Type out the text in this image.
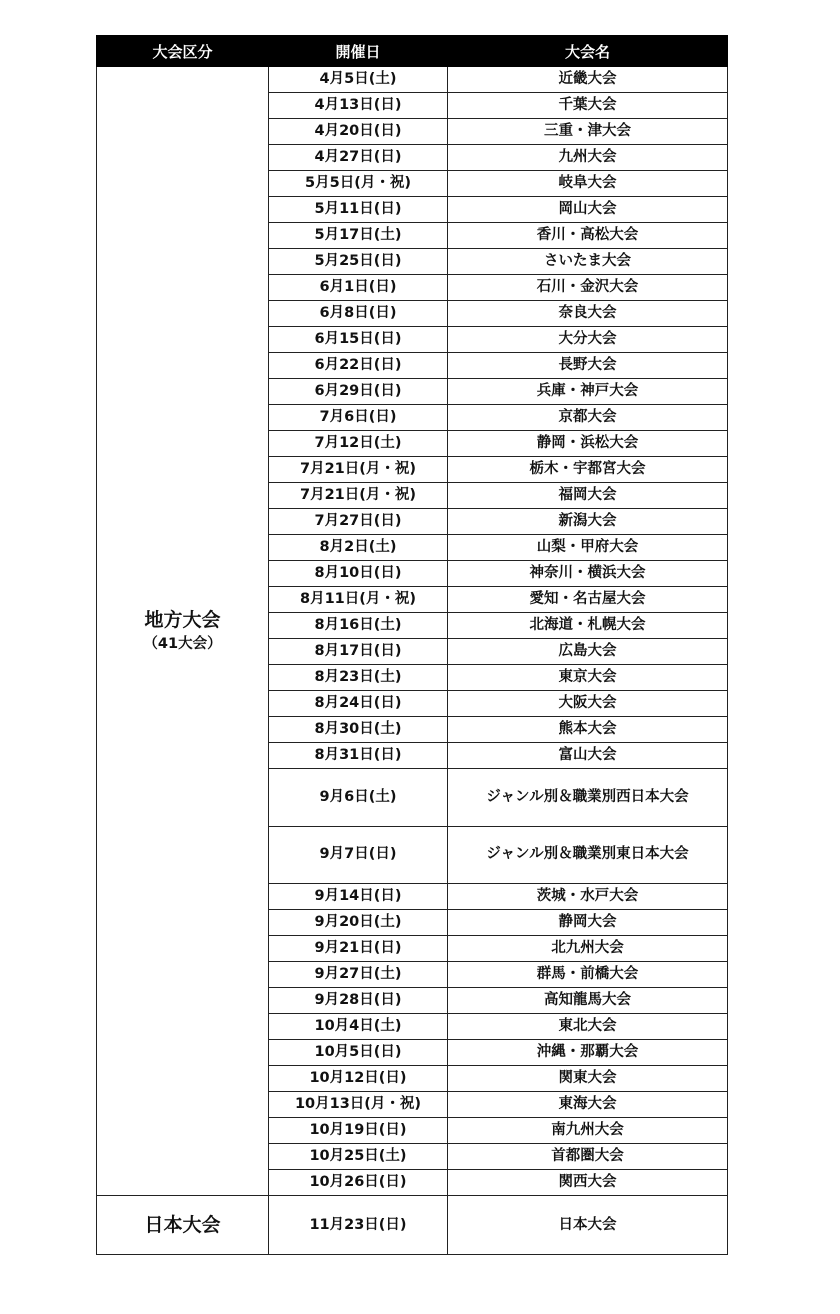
大会区分	開催日	大会名
地方大会
（41大会）	4月5日(土)	近畿大会
	4月13日(日)	千葉大会
	4月20日(日)	三重・津大会
	4月27日(日)	九州大会
	5月5日(月・祝)	岐阜大会
	5月11日(日)	岡山大会
	5月17日(土)	香川・高松大会
	5月25日(日)	さいたま大会
	6月1日(日)	石川・金沢大会
	6月8日(日)	奈良大会
	6月15日(日)	大分大会
	6月22日(日)	長野大会
	6月29日(日)	兵庫・神戸大会
	7月6日(日)	京都大会
	7月12日(土)	静岡・浜松大会
	7月21日(月・祝)	栃木・宇都宮大会
	7月21日(月・祝)	福岡大会
	7月27日(日)	新潟大会
	8月2日(土)	山梨・甲府大会
	8月10日(日)	神奈川・横浜大会
	8月11日(月・祝)	愛知・名古屋大会
	8月16日(土)	北海道・札幌大会
	8月17日(日)	広島大会
	8月23日(土)	東京大会
	8月24日(日)	大阪大会
	8月30日(土)	熊本大会
	8月31日(日)	富山大会
	9月6日(土)	ジャンル別＆職業別西日本大会
	9月7日(日)	ジャンル別＆職業別東日本大会
	9月14日(日)	茨城・水戸大会
	9月20日(土)	静岡大会
	9月21日(日)	北九州大会
	9月27日(土)	群馬・前橋大会
	9月28日(日)	高知龍馬大会
	10月4日(土)	東北大会
	10月5日(日)	沖縄・那覇大会
	10月12日(日)	関東大会
	10月13日(月・祝)	東海大会
	10月19日(日)	南九州大会
	10月25日(土)	首都圏大会
	10月26日(日)	関西大会
日本大会	11月23日(日)	日本大会
